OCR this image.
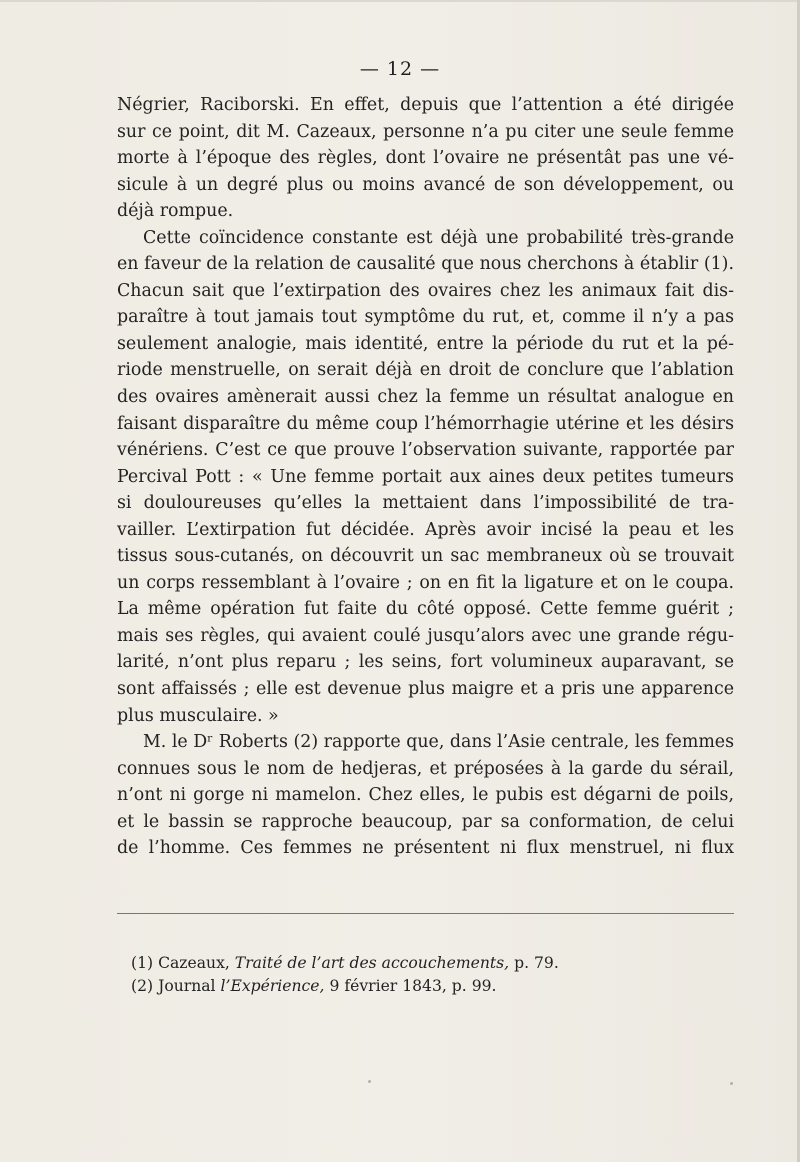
— 12 —
Négrier, Raciborski. En effet, depuis que l’attention a été dirigée
sur ce point, dit M. Cazeaux, personne n’a pu citer une seule femme
morte à l’époque des règles, dont l’ovaire ne présentât pas une vé-
sicule à un degré plus ou moins avancé de son développement, ou
déjà rompue.
Cette coïncidence constante est déjà une probabilité très-grande
en faveur de la relation de causalité que nous cherchons à établir (1).
Chacun sait que l’extirpation des ovaires chez les animaux fait dis-
paraître à tout jamais tout symptôme du rut, et, comme il n’y a pas
seulement analogie, mais identité, entre la période du rut et la pé-
riode menstruelle, on serait déjà en droit de conclure que l’ablation
des ovaires amènerait aussi chez la femme un résultat analogue en
faisant disparaître du même coup l’hémorrhagie utérine et les désirs
vénériens. C’est ce que prouve l’observation suivante, rapportée par
Percival Pott : « Une femme portait aux aines deux petites tumeurs
si douloureuses qu’elles la mettaient dans l’impossibilité de tra-
vailler. L’extirpation fut décidée. Après avoir incisé la peau et les
tissus sous-cutanés, on découvrit un sac membraneux où se trouvait
un corps ressemblant à l’ovaire ; on en fit la ligature et on le coupa.
La même opération fut faite du côté opposé. Cette femme guérit ;
mais ses règles, qui avaient coulé jusqu’alors avec une grande régu-
larité, n’ont plus reparu ; les seins, fort volumineux auparavant, se
sont affaissés ; elle est devenue plus maigre et a pris une apparence
plus musculaire. »
M. le Dʳ Roberts (2) rapporte que, dans l’Asie centrale, les femmes
connues sous le nom de hedjeras, et préposées à la garde du sérail,
n’ont ni gorge ni mamelon. Chez elles, le pubis est dégarni de poils,
et le bassin se rapproche beaucoup, par sa conformation, de celui
de l’homme. Ces femmes ne présentent ni flux menstruel, ni flux
(1) Cazeaux, Traité de l’art des accouchements, p. 79.
(2) Journal l’Expérience, 9 février 1843, p. 99.
